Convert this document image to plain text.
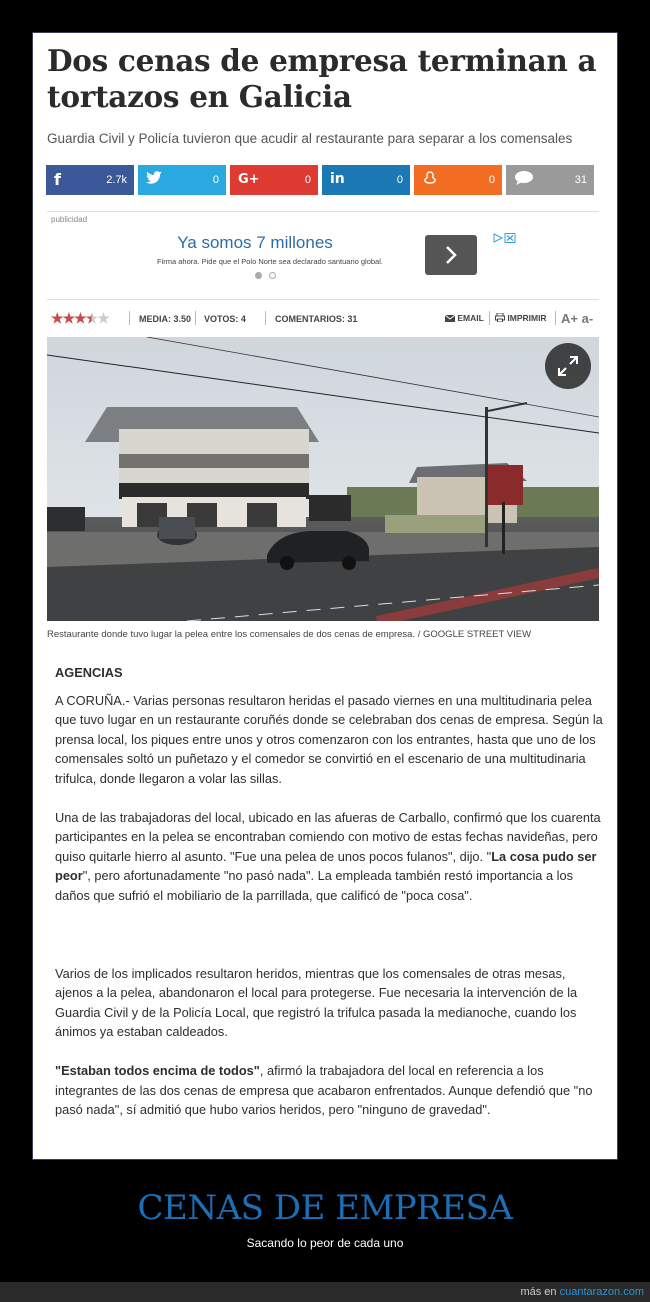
Dos cenas de empresa terminan a tortazos en Galicia
Guardia Civil y Policía tuvieron que acudir al restaurante para separar a los comensales
f	2.7k	0 G+	0 in	0	0	31
publicidad
Ya somos 7 millones
Firma ahora. Pide que el Polo Norte sea declarado santuario global.
★★★★★	MEDIA: 3.50 VOTOS: 4	COMENTARIOS: 31	EMAIL	IMPRIMIR A+ a-
Restaurante donde tuvo lugar la pelea entre los comensales de dos cenas de empresa. / GOOGLE STREET VIEW

AGENCIAS

A CORUÑA.- Varias personas resultaron heridas el pasado viernes en una multitudinaria pelea que tuvo lugar en un restaurante coruñés donde se celebraban dos cenas de empresa. Según la prensa local, los piques entre unos y otros comenzaron con los entrantes, hasta que uno de los comensales soltó un puñetazo y el comedor se convirtió en el escenario de una multitudinaria trifulca, donde llegaron a volar las sillas.

Una de las trabajadoras del local, ubicado en las afueras de Carballo, confirmó que los cuarenta participantes en la pelea se encontraban comiendo con motivo de estas fechas navideñas, pero quiso quitarle hierro al asunto. "Fue una pelea de unos pocos fulanos", dijo. "La cosa pudo ser peor", pero afortunadamente "no pasó nada". La empleada también restó importancia a los daños que sufrió el mobiliario de la parrillada, que calificó de "poca cosa".

Varios de los implicados resultaron heridos, mientras que los comensales de otras mesas, ajenos a la pelea, abandonaron el local para protegerse. Fue necesaria la intervención de la Guardia Civil y de la Policía Local, que registró la trifulca pasada la medianoche, cuando los ánimos ya estaban caldeados.

"Estaban todos encima de todos", afirmó la trabajadora del local en referencia a los integrantes de las dos cenas de empresa que acabaron enfrentados. Aunque defendió que "no pasó nada", sí admitió que hubo varios heridos, pero "ninguno de gravedad".

CENAS DE EMPRESA
Sacando lo peor de cada uno
más en cuantarazon.com
